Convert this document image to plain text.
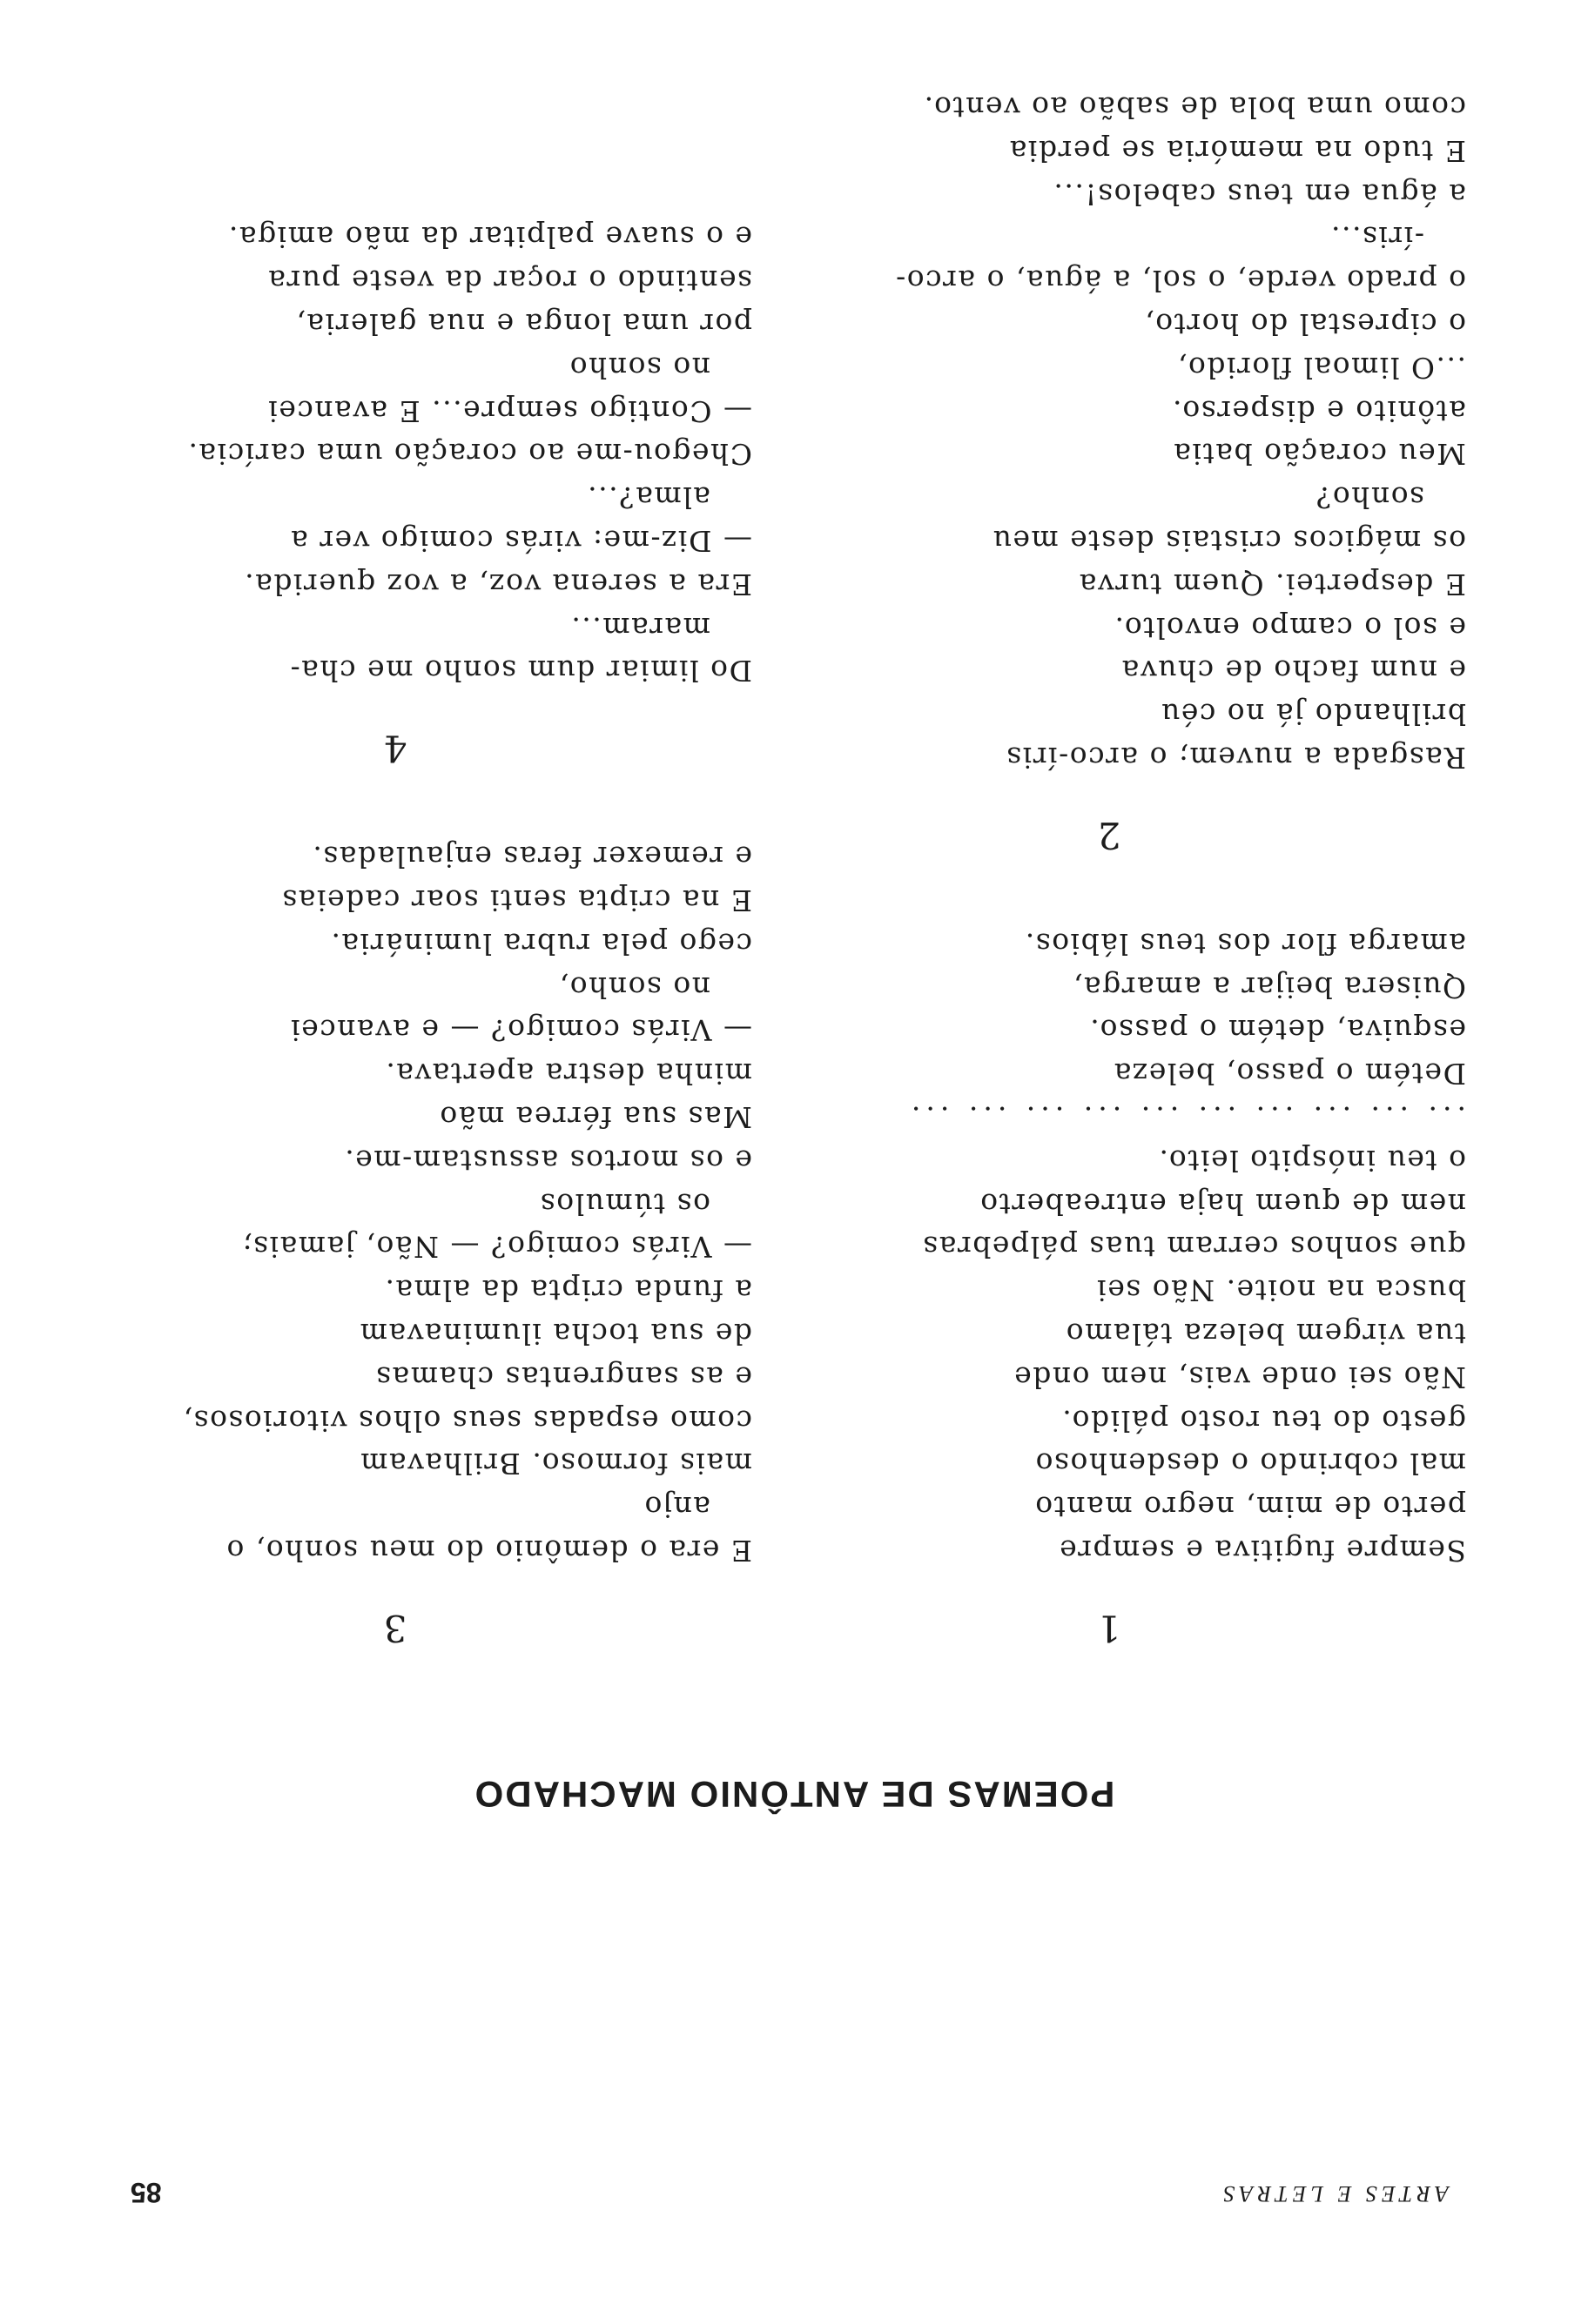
ARTES E LETRAS
85
POEMAS DE ANTÔNIO MACHADO
1
Sempre fugitiva e sempre
perto de mim, negro manto
mal cobrindo o desdenhoso
gesto do teu rosto pálido.
Não sei onde vais, nem onde
tua virgem beleza tálamo
busca na noite. Não sei
que sonhos cerram tuas pálpebras
nem de quem haja entreaberto
o teu inóspito leito.
... ... ... ... ... ... ... ... ... ...
Detém o passo, beleza
esquiva, detém o passo.
Quisera beijar a amarga,
amarga flor dos teus lábios.
2
Rasgada a nuvem; o arco-íris
brilhando já no céu
e num facho de chuva
e sol o campo envolto.
E despertei. Quem turva
os mágicos cristais deste meu
sonho?
Meu coração batia
atônito e disperso.
...O limoal florido,
o ciprestal do horto,
o prado verde, o sol, a água, o arco-
-íris...
a água em teus cabelos!...
E tudo na memória se perdia
como uma bola de sabão ao vento.
3
E era o demônio do meu sonho, o
anjo
mais formoso. Brilhavam
como espadas seus olhos vitoriosos,
e as sangrentas chamas
de sua tocha iluminavam
a funda cripta da alma.
— Virás comigo? — Não, jamais;
os túmulos
e os mortos assustam-me.
Mas sua férrea mão
minha destra apertava.
— Virás comigo? — e avancei
no sonho,
cego pela rubra luminária.
E na cripta senti soar cadeias
e remexer feras enjauladas.
4
Do limiar dum sonho me cha-
maram...
Era a serena voz, a voz querida.
— Diz-me: virás comigo ver a
alma?...
Chegou-me ao coração uma carícia.
— Contigo sempre... E avancei
no sonho
por uma longa e nua galeria,
sentindo o roçar da veste pura
e o suave palpitar da mão amiga.
